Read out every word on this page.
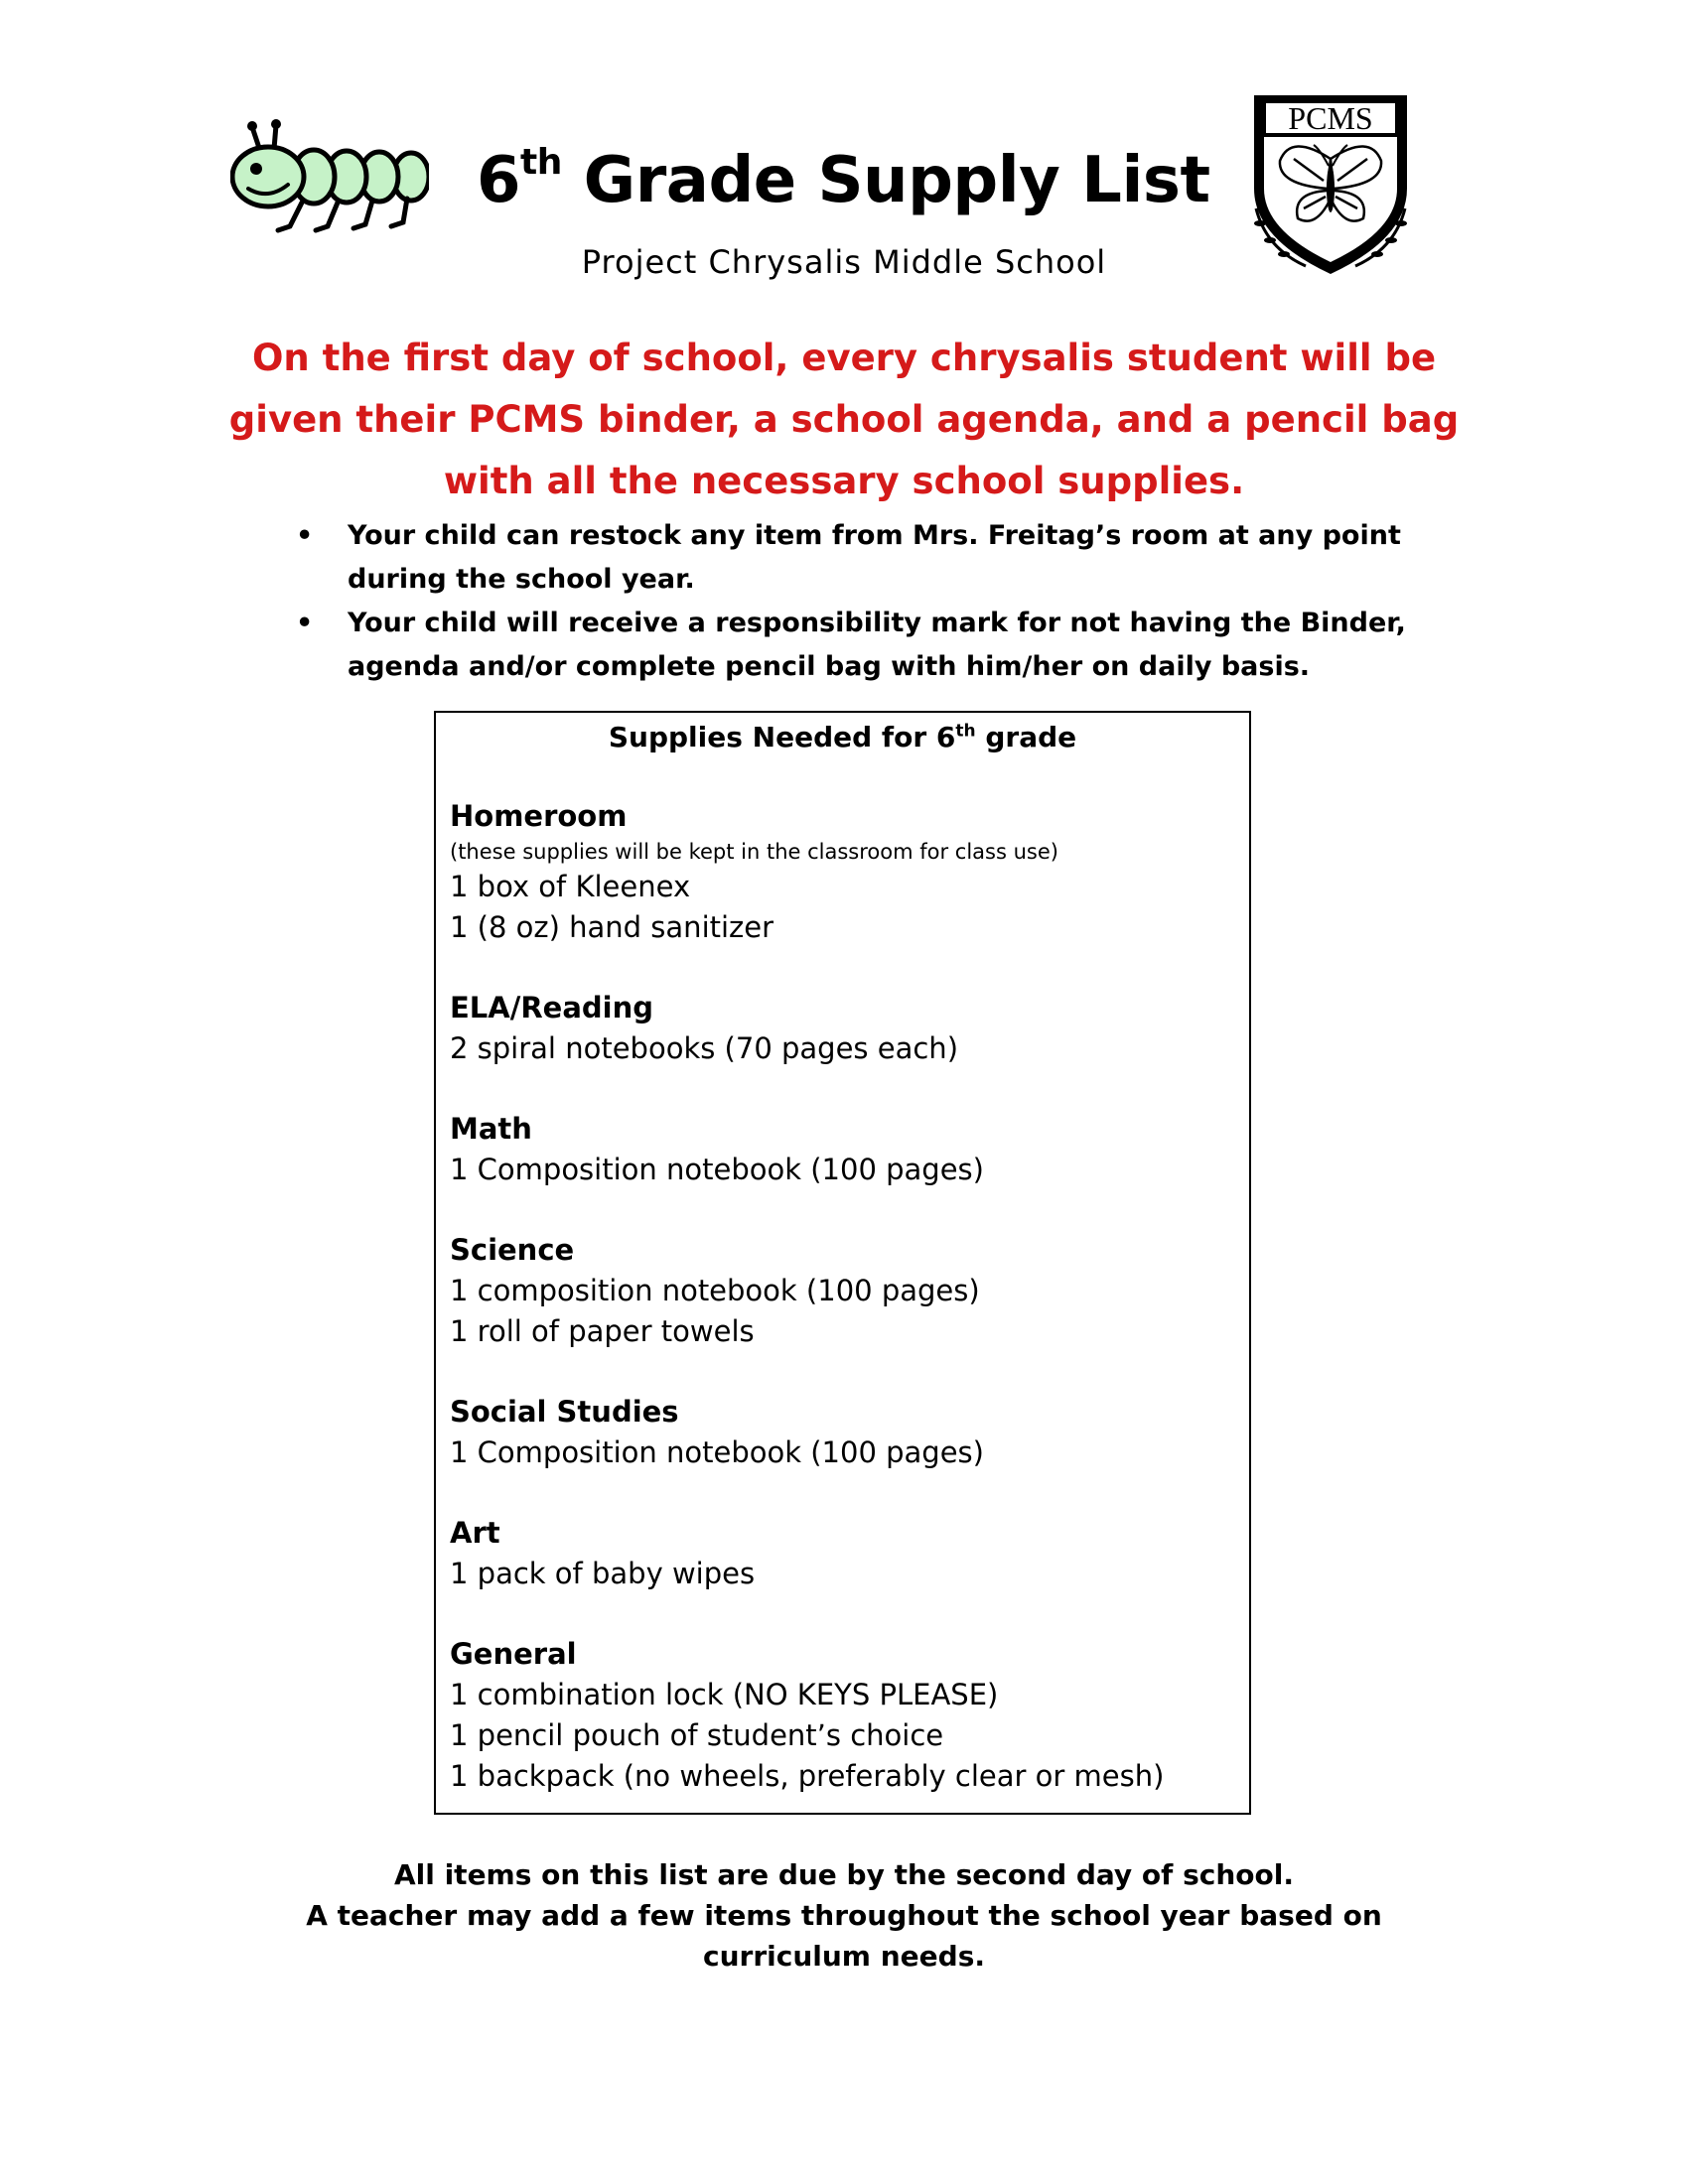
6th Grade Supply List
PCMS
Project Chrysalis Middle School

On the first day of school, every chrysalis student will be given their PCMS binder, a school agenda, and a pencil bag with all the necessary school supplies.

• Your child can restock any item from Mrs. Freitag’s room at any point during the school year.
• Your child will receive a responsibility mark for not having the Binder, agenda and/or complete pencil bag with him/her on daily basis.
Supplies Needed for 6th grade
Homeroom
(these supplies will be kept in the classroom for class use)
1 box of Kleenex
1 (8 oz) hand sanitizer
ELA/Reading
2 spiral notebooks (70 pages each)
Math
1 Composition notebook (100 pages)
Science
1 composition notebook (100 pages)
1 roll of paper towels
Social Studies
1 Composition notebook (100 pages)
Art
1 pack of baby wipes
General
1 combination lock (NO KEYS PLEASE)
1 pencil pouch of student’s choice
1 backpack (no wheels, preferably clear or mesh)
All items on this list are due by the second day of school.
A teacher may add a few items throughout the school year based on curriculum needs.
